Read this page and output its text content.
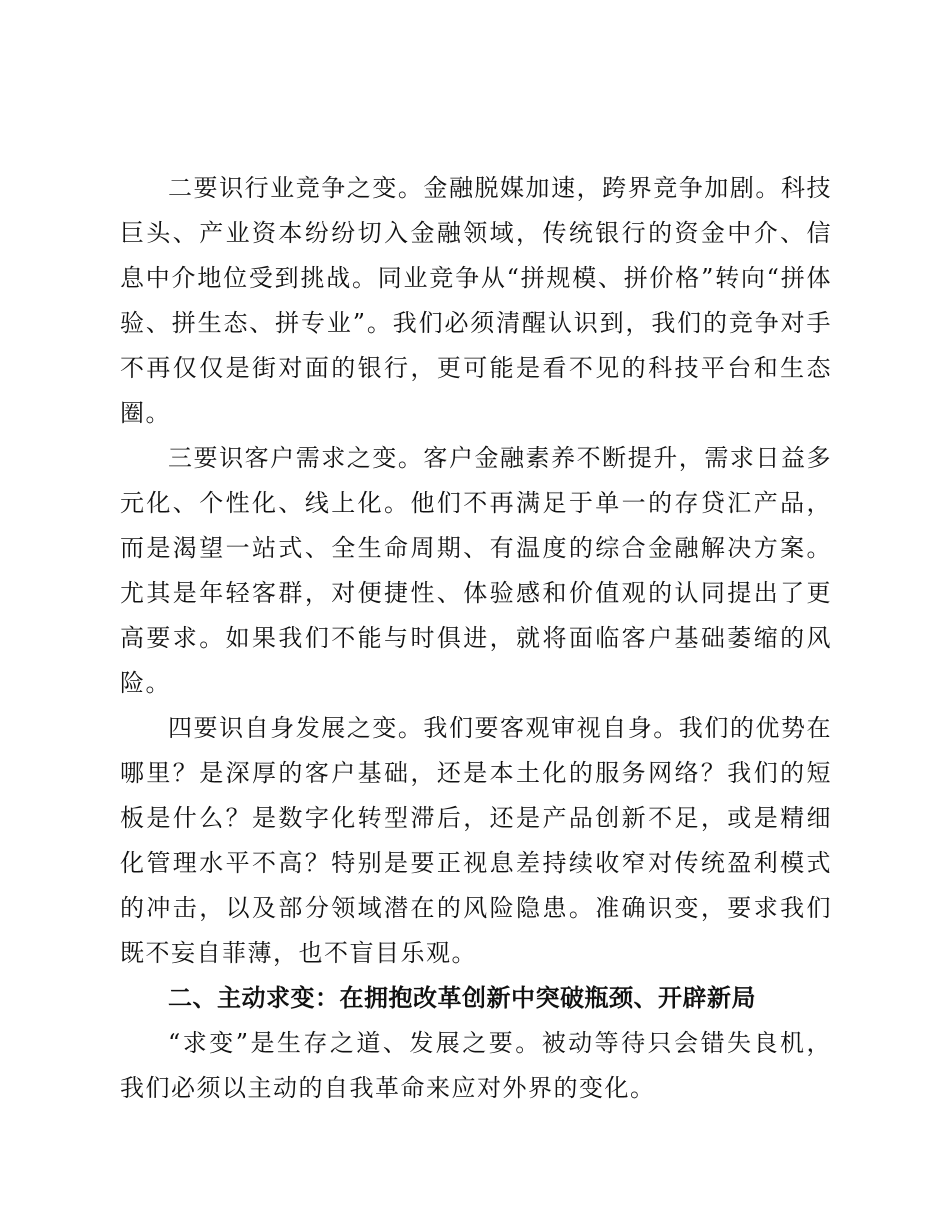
二要识行业竞争之变。金融脱媒加速，跨界竞争加剧。科技巨头、产业资本纷纷切入金融领域，传统银行的资金中介、信息中介地位受到挑战。同业竞争从“拼规模、拼价格”转向“拼体验、拼生态、拼专业”。我们必须清醒认识到，我们的竞争对手不再仅仅是街对面的银行，更可能是看不见的科技平台和生态圈。

三要识客户需求之变。客户金融素养不断提升，需求日益多元化、个性化、线上化。他们不再满足于单一的存贷汇产品，而是渴望一站式、全生命周期、有温度的综合金融解决方案。尤其是年轻客群，对便捷性、体验感和价值观的认同提出了更高要求。如果我们不能与时俱进，就将面临客户基础萎缩的风险。

四要识自身发展之变。我们要客观审视自身。我们的优势在哪里？是深厚的客户基础，还是本土化的服务网络？我们的短板是什么？是数字化转型滞后，还是产品创新不足，或是精细化管理水平不高？特别是要正视息差持续收窄对传统盈利模式的冲击，以及部分领域潜在的风险隐患。准确识变，要求我们既不妄自菲薄，也不盲目乐观。

二、主动求变：在拥抱改革创新中突破瓶颈、开辟新局

“求变”是生存之道、发展之要。被动等待只会错失良机，我们必须以主动的自我革命来应对外界的变化。
